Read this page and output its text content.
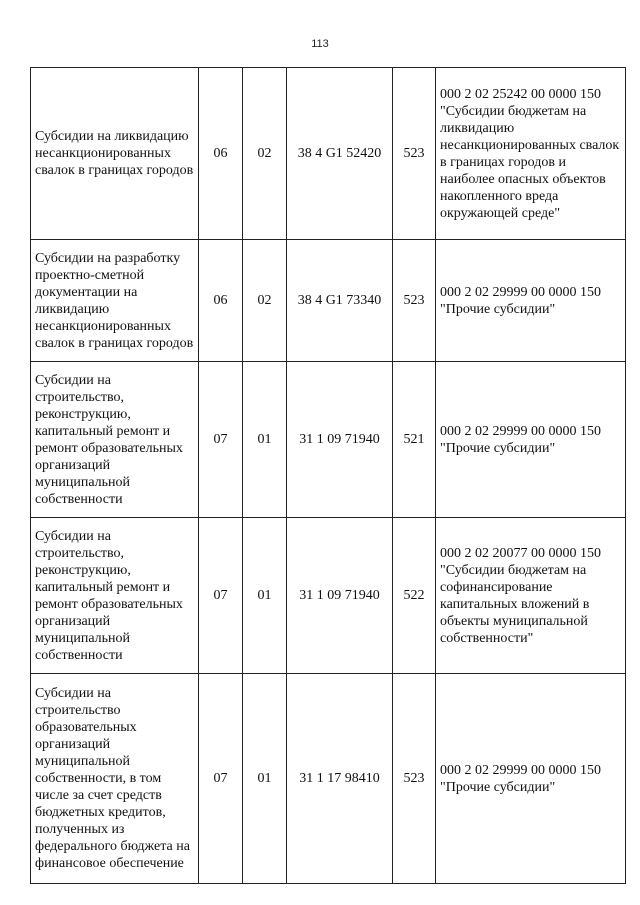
113
Субсидии на ликвидацию несанкционированных свалок в границах городов	06	02	38 4 G1 52420	523	000 2 02 25242 00 0000 150 "Субсидии бюджетам на ликвидацию несанкционированных свалок в границах городов и наиболее опасных объектов накопленного вреда окружающей среде"
Субсидии на разработку проектно-сметной документации на ликвидацию несанкционированных свалок в границах городов	06	02	38 4 G1 73340	523	000 2 02 29999 00 0000 150 "Прочие субсидии"
Субсидии на строительство, реконструкцию, капитальный ремонт и ремонт образовательных организаций муниципальной собственности	07	01	31 1 09 71940	521	000 2 02 29999 00 0000 150 "Прочие субсидии"
Субсидии на строительство, реконструкцию, капитальный ремонт и ремонт образовательных организаций муниципальной собственности	07	01	31 1 09 71940	522	000 2 02 20077 00 0000 150 "Субсидии бюджетам на софинансирование капитальных вложений в объекты муниципальной собственности"
Субсидии на строительство образовательных организаций муниципальной собственности, в том числе за счет средств бюджетных кредитов, полученных из федерального бюджета на финансовое обеспечение	07	01	31 1 17 98410	523	000 2 02 29999 00 0000 150 "Прочие субсидии"
